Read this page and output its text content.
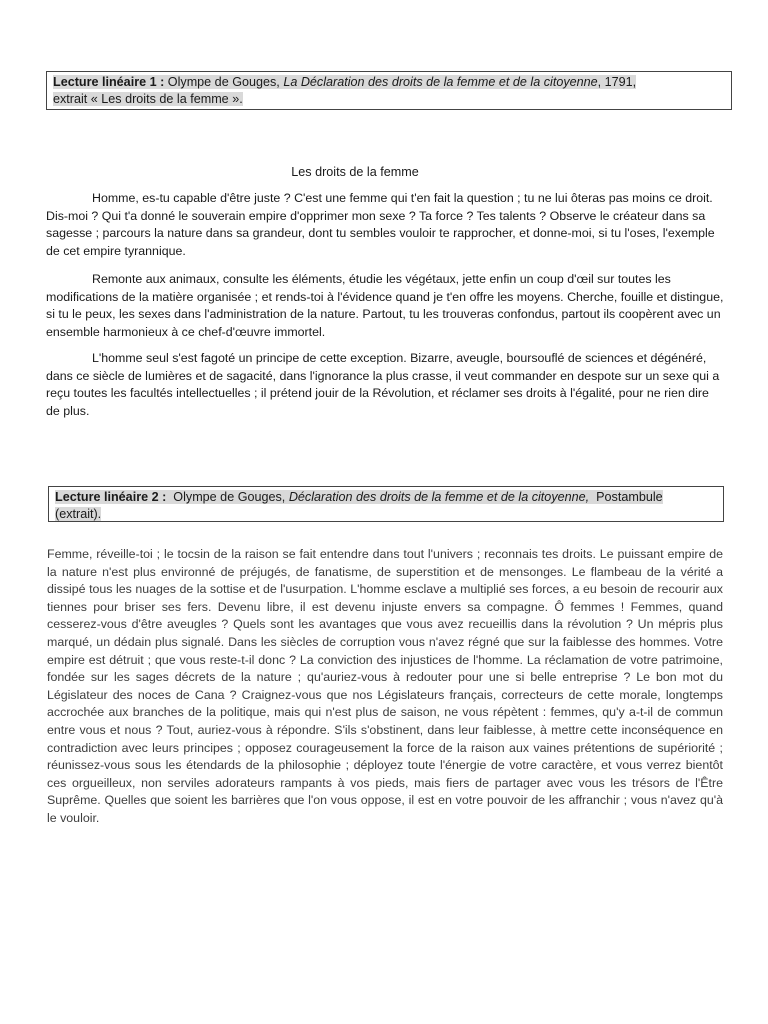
Lecture linéaire 1 : Olympe de Gouges, La Déclaration des droits de la femme et de la citoyenne, 1791,
extrait « Les droits de la femme ».
Les droits de la femme

Homme, es-tu capable d'être juste ? C'est une femme qui t'en fait la question ; tu ne lui ôteras pas moins ce droit. Dis-moi ? Qui t'a donné le souverain empire d'opprimer mon sexe ? Ta force ? Tes talents ? Observe le créateur dans sa sagesse ; parcours la nature dans sa grandeur, dont tu sembles vouloir te rapprocher, et donne-moi, si tu l'oses, l'exemple de cet empire tyrannique.

Remonte aux animaux, consulte les éléments, étudie les végétaux, jette enfin un coup d'œil sur toutes les modifications de la matière organisée ; et rends-toi à l'évidence quand je t'en offre les moyens. Cherche, fouille et distingue, si tu le peux, les sexes dans l'administration de la nature. Partout, tu les trouveras confondus, partout ils coopèrent avec un ensemble harmonieux à ce chef-d'œuvre immortel.

L'homme seul s'est fagoté un principe de cette exception. Bizarre, aveugle, boursouflé de sciences et dégénéré, dans ce siècle de lumières et de sagacité, dans l'ignorance la plus crasse, il veut commander en despote sur un sexe qui a reçu toutes les facultés intellectuelles ; il prétend jouir de la Révolution, et réclamer ses droits à l'égalité, pour ne rien dire de plus.

Lecture linéaire 2 : Olympe de Gouges, Déclaration des droits de la femme et de la citoyenne, Postambule
(extrait).

Femme, réveille-toi ; le tocsin de la raison se fait entendre dans tout l'univers ; reconnais tes droits. Le puissant empire de la nature n'est plus environné de préjugés, de fanatisme, de superstition et de mensonges. Le flambeau de la vérité a dissipé tous les nuages de la sottise et de l'usurpation. L'homme esclave a multiplié ses forces, a eu besoin de recourir aux tiennes pour briser ses fers. Devenu libre, il est devenu injuste envers sa compagne. Ô femmes ! Femmes, quand cesserez-vous d'être aveugles ? Quels sont les avantages que vous avez recueillis dans la révolution ? Un mépris plus marqué, un dédain plus signalé. Dans les siècles de corruption vous n'avez régné que sur la faiblesse des hommes. Votre empire est détruit ; que vous reste-t-il donc ? La conviction des injustices de l'homme. La réclamation de votre patrimoine, fondée sur les sages décrets de la nature ; qu'auriez-vous à redouter pour une si belle entreprise ? Le bon mot du Législateur des noces de Cana ? Craignez-vous que nos Législateurs français, correcteurs de cette morale, longtemps accrochée aux branches de la politique, mais qui n'est plus de saison, ne vous répètent : femmes, qu'y a-t-il de commun entre vous et nous ? Tout, auriez-vous à répondre. S'ils s'obstinent, dans leur faiblesse, à mettre cette inconséquence en contradiction avec leurs principes ; opposez courageusement la force de la raison aux vaines prétentions de supériorité ; réunissez-vous sous les étendards de la philosophie ; déployez toute l'énergie de votre caractère, et vous verrez bientôt ces orgueilleux, non serviles adorateurs rampants à vos pieds, mais fiers de partager avec vous les trésors de l'Être Suprême. Quelles que soient les barrières que l'on vous oppose, il est en votre pouvoir de les affranchir ; vous n'avez qu'à le vouloir.
